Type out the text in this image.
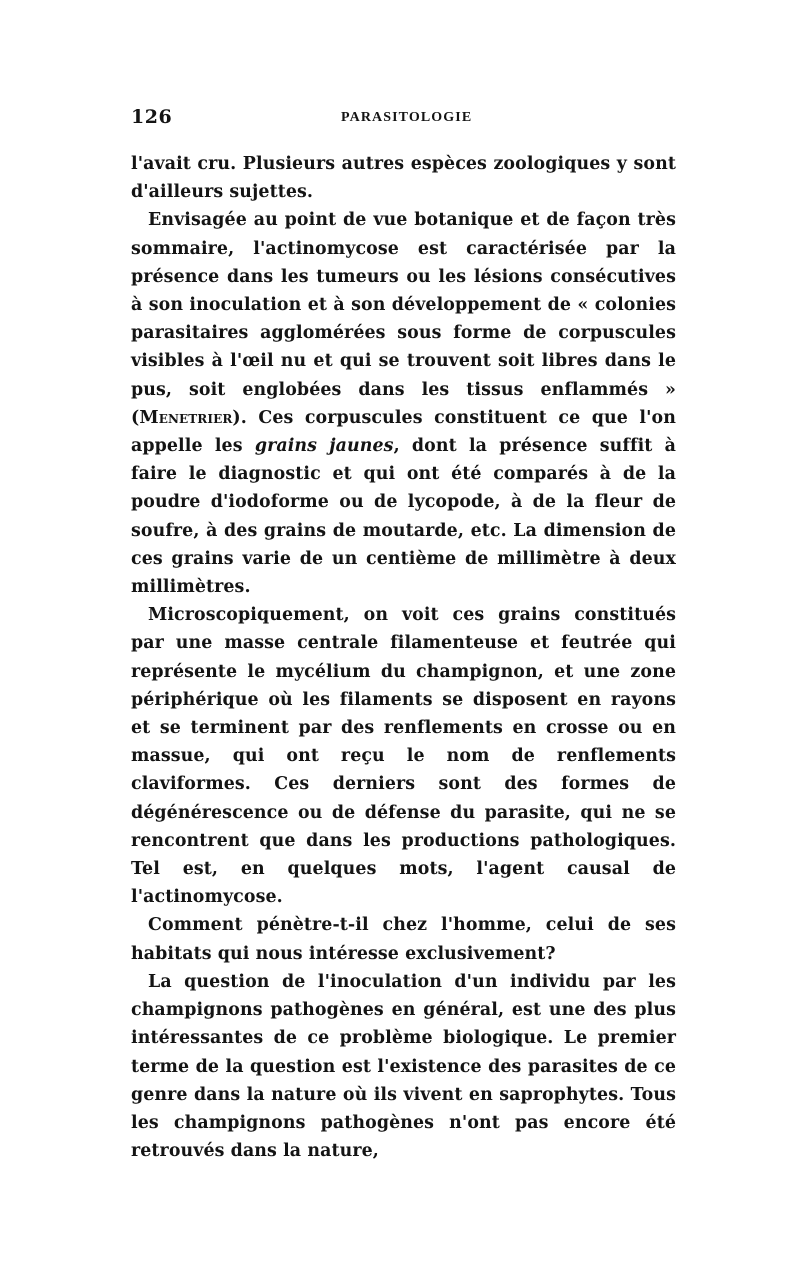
126	PARASITOLOGIE

l'avait cru. Plusieurs autres espèces zoologiques y sont d'ailleurs sujettes.

Envisagée au point de vue botanique et de façon très sommaire, l'actinomycose est caractérisée par la présence dans les tumeurs ou les lésions consécutives à son inoculation et à son développement de « colonies parasitaires agglomérées sous forme de corpuscules visibles à l'œil nu et qui se trouvent soit libres dans le pus, soit englobées dans les tissus enflammés » (Menetrier). Ces corpuscules constituent ce que l'on appelle les grains jaunes, dont la présence suffit à faire le diagnostic et qui ont été comparés à de la poudre d'iodoforme ou de lycopode, à de la fleur de soufre, à des grains de moutarde, etc. La dimension de ces grains varie de un centième de millimètre à deux millimètres.

Microscopiquement, on voit ces grains constitués par une masse centrale filamenteuse et feutrée qui représente le mycélium du champignon, et une zone périphérique où les filaments se disposent en rayons et se terminent par des renflements en crosse ou en massue, qui ont reçu le nom de renflements claviformes. Ces derniers sont des formes de dégénérescence ou de défense du parasite, qui ne se rencontrent que dans les productions pathologiques. Tel est, en quelques mots, l'agent causal de l'actinomycose.

Comment pénètre-t-il chez l'homme, celui de ses habitats qui nous intéresse exclusivement?

La question de l'inoculation d'un individu par les champignons pathogènes en général, est une des plus intéressantes de ce problème biologique. Le premier terme de la question est l'existence des parasites de ce genre dans la nature où ils vivent en saprophytes. Tous les champignons pathogènes n'ont pas encore été retrouvés dans la nature,
